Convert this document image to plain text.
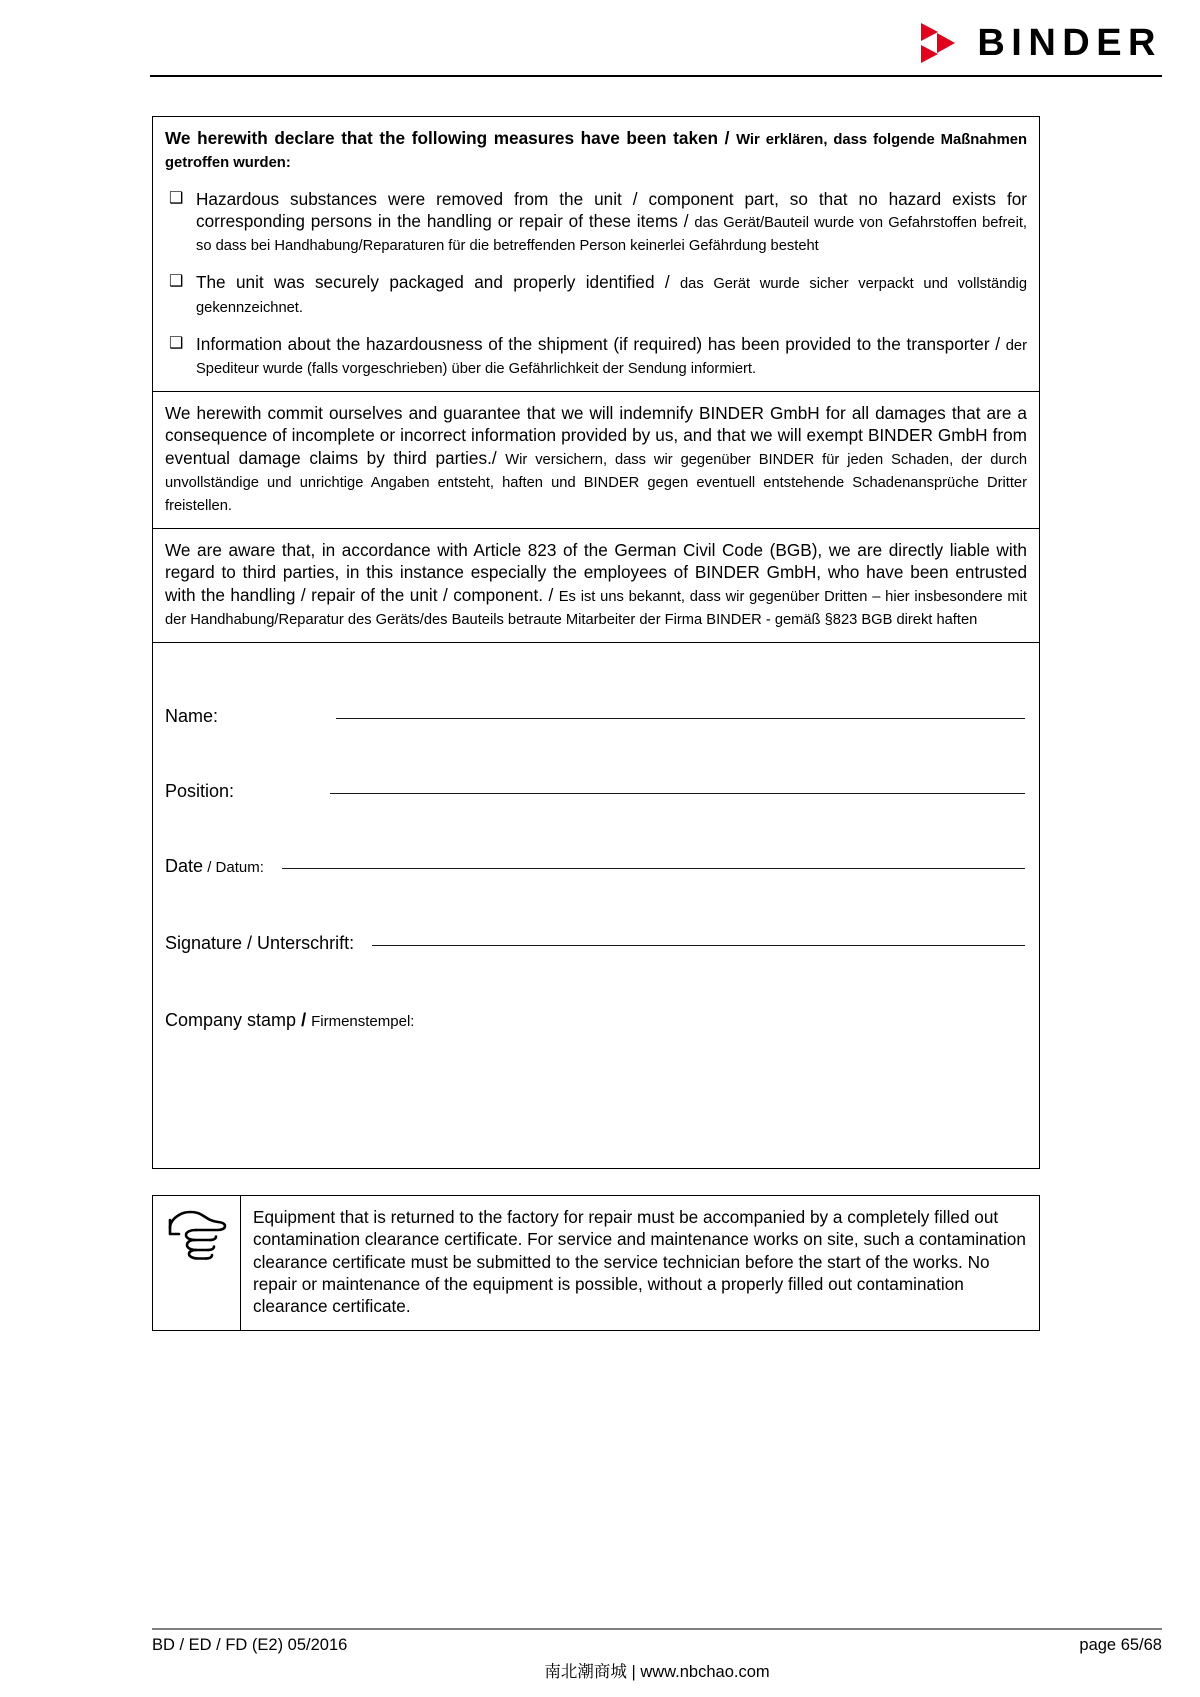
BINDER

We herewith declare that the following measures have been taken / Wir erklären, dass folgende Maßnahmen getroffen wurden:

❑ Hazardous substances were removed from the unit / component part, so that no hazard exists for corresponding persons in the handling or repair of these items / das Gerät/Bauteil wurde von Gefahrstoffen befreit, so dass bei Handhabung/Reparaturen für die betreffenden Person keinerlei Gefährdung besteht
❑ The unit was securely packaged and properly identified / das Gerät wurde sicher verpackt und vollständig gekennzeichnet.
❑ Information about the hazardousness of the shipment (if required) has been provided to the transporter / der Spediteur wurde (falls vorgeschrieben) über die Gefährlichkeit der Sendung informiert.

We herewith commit ourselves and guarantee that we will indemnify BINDER GmbH for all damages that are a consequence of incomplete or incorrect information provided by us, and that we will exempt BINDER GmbH from eventual damage claims by third parties./ Wir versichern, dass wir gegenüber BINDER für jeden Schaden, der durch unvollständige und unrichtige Angaben entsteht, haften und BINDER gegen eventuell entstehende Schadenansprüche Dritter freistellen.

We are aware that, in accordance with Article 823 of the German Civil Code (BGB), we are directly liable with regard to third parties, in this instance especially the employees of BINDER GmbH, who have been entrusted with the handling / repair of the unit / component. / Es ist uns bekannt, dass wir gegenüber Dritten – hier insbesondere mit der Handhabung/Reparatur des Geräts/des Bauteils betraute Mitarbeiter der Firma BINDER - gemäß §823 BGB direkt haften

Name:
Position:
Date / Datum:
Signature / Unterschrift:
Company stamp / Firmenstempel:
Equipment that is returned to the factory for repair must be accompanied by a completely filled out contamination clearance certificate. For service and maintenance works on site, such a contamination clearance certificate must be submitted to the service technician before the start of the works. No repair or maintenance of the equipment is possible, without a properly filled out contamination clearance certificate.
BD / ED / FD (E2) 05/2016	page 65/68
南北潮商城 | www.nbchao.com
